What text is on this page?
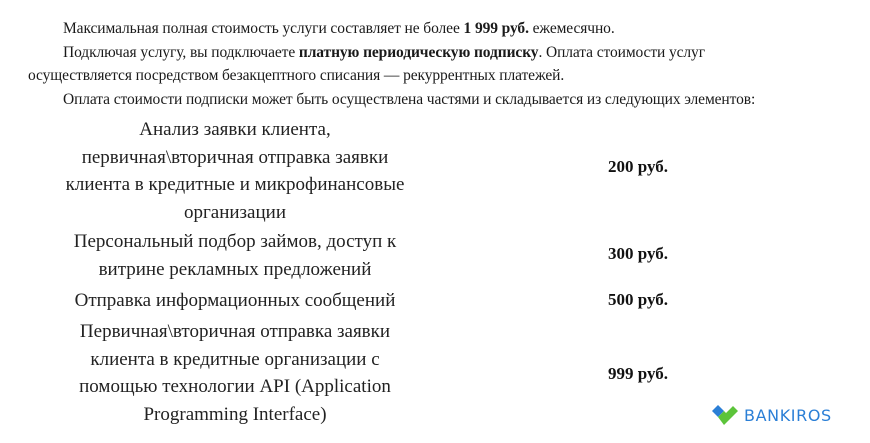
Максимальная полная стоимость услуги составляет не более 1 999 руб. ежемесячно.
Подключая услугу, вы подключаете платную периодическую подписку. Оплата стоимости услуг
осуществляется посредством безакцептного списания — рекуррентных платежей.
Оплата стоимости подписки может быть осуществлена частями и складывается из следующих элементов:
Анализ заявки клиента,
первичная\вторичная отправка заявки
клиента в кредитные и микрофинансовые
организации
200 руб.
Персональный подбор займов, доступ к
витрине рекламных предложений
300 руб.
Отправка информационных сообщений	500 руб.
Первичная\вторичная отправка заявки
клиента в кредитные организации с
помощью технологии API (Application
Programming Interface)
999 руб.
BANKIROS
